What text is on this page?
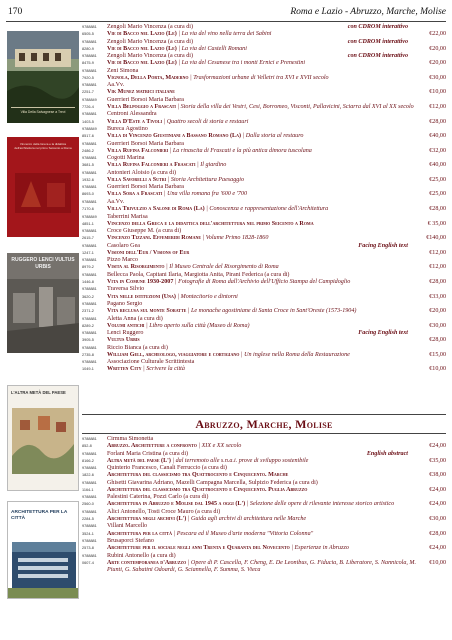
170	Roma e Lazio - Abruzzo, Marche, Molise
Villa Della Salvagnese a Trevi
Vincenzo della Greca e la didattica dell'architettura nel primo Seicento a Roma
RUGGERO LENCI VULTUS URBIS
L'ALTRA METÀ DEL PAESE
ARCHITETTURA PER LA CITTÀ
9788881 Zengoli Mario Vincenza (a cura di)	con CDROM interattivo
6505-5 Vie di Bacco nel Lazio (Le) | La via del vino nella terra dei Sabini	€22,00
9788881 Zengoli Mario Vincenza (a cura di)	con CDROM interattivo
8280-9 Vie di Bacco nel Lazio (Le) | La via dei Castelli Romani	€20,00
9788881 Zengoli Mario Vincenza (a cura di)	con CDROM interattivo
8475-9 Vie di Bacco nel Lazio (Le) | La via del Cesanese tra i monti Ernici e Prenestini	€20,00
9788881 Zeni Simona
7920-5 Vignola, Della Porta, Maderno | Trasformazioni urbane di Velletri tra XVI e XVII secolo	€30,00
9788881 Aa.Vv.
2251-7 Vik Munez matrici italiane	€10,00
9788849 Guerrieri Borsoi Maria Barbara
7726-4 Villa Belpoggio a Frascati | Storia della villa dei Vestri, Cesi, Borromeo, Visconti, Pallavicini, Sciarra dal XVI al XX secolo	€12,00
9788881 Centroni Alessandra
1403-5 Villa D'Este a Tivoli | Quattro secoli di storia e restauri	€28,00
9788849 Bureca Agostino
8517-6 Villa di Vincenzo Giustiniani a Bassano Romano (La) | Dalla storia al restauro	€40,00
9788881 Guerrieri Borsoi Maria Barbara
2486-2 Villa Rufina Falconieri | La rinascita di Frascati e la più antica dimora tuscolana	€32,00
9788881 Cogotti Marina
3681-5 Villa Rufina Falconieri a Frascati | Il giardino	€40,00
9788881 Antonieri Aloisio (a cura di)
1932-6 Villa Savorelli a Sutri | Storia Architettura Paesaggio	€25,00
9788881 Guerrieri Borsoi Maria Barbara
8693-0 Villa Sora a Frascati | Una villa romana fra '600 e '700	€25,00
9788881 Aa.Vv.
7170-6 Villa Trivulzio a Salone di Roma (La) | Conoscenza e rappresentazione dell'Architettura	€28,00
9788849 Taberrini Marisa
4851-1 Vincenzo della Greca e la didattica dell'architettura nel primo Seicento a Roma	€ 35,00
9788881 Croce Giuseppe M. (a cura di)
2615-7 Vincenzo Tizzani. Effemeridi Romane | Volume Primo 1828-1860	€140,00
9788881 Casolaro Gea	Facing English text
1247-1 Visioni dell'Eur / Visions of Eur	€12,00
9788881 Pizzo Marco
8979-2 Visita al Risorgimento | Il Museo Centrale del Risorgimento di Roma	€12,00
9788881 Bellecca Paola, Capitani Ilaria, Margiotta Anita, Pirani Federica (a cura di)
1446-8 Vita in Comune 1930-2007 | Fotografie di Roma dall'Archivio dell'Ufficio Stampa del Campidoglio	€28,00
9788881 Traversa Silvio
3620-2 Vita nelle istituzioni (Una) | Montecitorio e dintorni	€33,00
9788881 Pagano Sergio
2371-2 Vita reclusa sul monte Soratte | Le monache agostiniane di Santa Croce in Sant'Oreste (1573-1904)	€20,00
9788881 Aletta Anna (a cura di)
8289-2 Volumi antichi | Libro aperto sulla città (Museo di Roma)	€30,00
9788881 Lenci Ruggero	Facing English text
3905-5 Vultus Urbis	€28,00
9788881 Riccio Bianca (a cura di)
2735-8 William Gell, archeologo, viaggiatore e cortigiano | Un inglese nella Roma della Restaurazione	€15,00
9788881 Associazione Culturale Scrittintesta
1049-1 Written City | Scrivere la città	€10,00
Abruzzo, Marche, Molise
9788881 Cirmma Simonetta
852-8	Abruzzo. Architetture a confronto | XIX e XX secolo	€24,00
9788881 Forlani Maria Cristina (a cura di)	English abstract
8166-2 Altra metà del paese (L') | dal terremoto alle s.n.a.i. prove di sviluppo sostenibile	€35,00
9788881 Quinterio Francesco, Canali Ferruccio (a cura di)
1822-6 Architettura del classicismo tra Quattrocento e Cinquecento. Marche	€38,00
9788881 Ghisetti Giavarina Adriano, Mazelli Campagna Marcella, Sulpizio Federica (a cura di)
1164-1 Architettura del classicismo tra Quattrocento e Cinquecento. Puglia Abruzzo	€24,00
9788881 Palestini Caterina, Pozzi Carlo (a cura di)
2560-0 Architettura in Abruzzo e Molise dal 1945 a oggi (L') | Selezione delle opere di rilevante interesse storico artistico	€24,00
9788881 Alici Antonello, Tosti Croce Mauro (a cura di)
2284-5 Architettura negli archivi (L') | Guida agli archivi di architettura nelle Marche	€30,00
9788881 Villani Marcello
3524-1 Architettura per la città | Pescara ed il Museo d'arte moderna "Vittoria Colonna"	€28,00
9788881 Brusaporci Stefano
2573-8 Architetture per il sociale negli anni Trenta e Quaranta del Novecento | Esperienze in Abruzzo	€24,00
9788881 Rubini Antonello (a cura di)
0607-4 Arte contemporanea d'Abruzzo | Opere di P. Cascella, F. Cheng, E. De Leonibus, G. Fiducia, B. Liberatore, S. Nannicola, M. Piunti, G. Sabatini Odoardi, G. Sciannella, F. Summa, S. Vieca
€10,00
